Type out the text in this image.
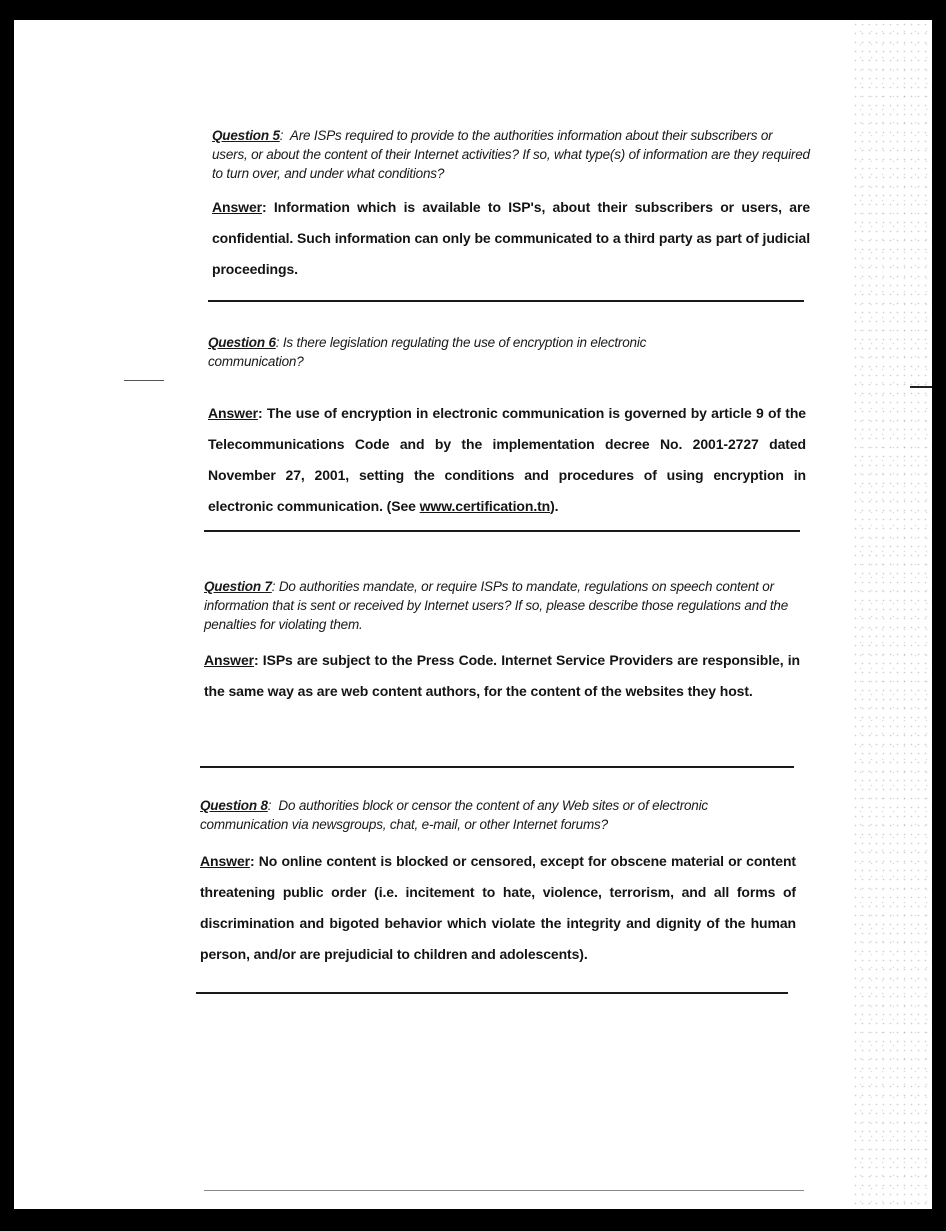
Question 5:  Are ISPs required to provide to the authorities information about their subscribers or users, or about the content of their Internet activities? If so, what type(s) of information are they required to turn over, and under what conditions?
Answer: Information which is available to ISP's, about their subscribers or users, are confidential. Such information can only be communicated to a third party as part of judicial proceedings.
Question 6: Is there legislation regulating the use of encryption in electronic communication?
Answer: The use of encryption in electronic communication is governed by article 9 of the Telecommunications Code and by the implementation decree No. 2001-2727 dated November 27, 2001, setting the conditions and procedures of using encryption in electronic communication. (See www.certification.tn).
Question 7: Do authorities mandate, or require ISPs to mandate, regulations on speech content or information that is sent or received by Internet users? If so, please describe those regulations and the penalties for violating them.
Answer: ISPs are subject to the Press Code. Internet Service Providers are responsible, in the same way as are web content authors, for the content of the websites they host.
Question 8:  Do authorities block or censor the content of any Web sites or of electronic communication via newsgroups, chat, e-mail, or other Internet forums?
Answer: No online content is blocked or censored, except for obscene material or content threatening public order (i.e. incitement to hate, violence, terrorism, and all forms of discrimination and bigoted behavior which violate the integrity and dignity of the human person, and/or are prejudicial to children and adolescents).
